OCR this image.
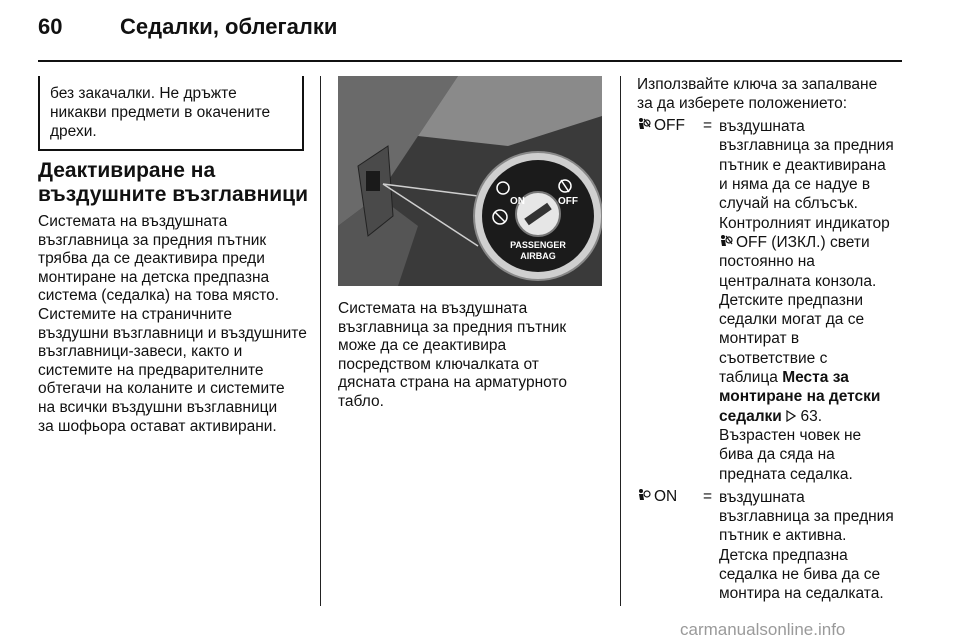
60	Седалки, облегалки
без закачалки. Не дръжте
никакви предмети в окачените
дрехи.
Деактивиране на
въздушните възглавници
Системата на въздушната
възглавница за предния пътник
трябва да се деактивира преди
монтиране на детска предпазна
система (седалка) на това място.
Системите на страничните
въздушни възглавници и въздушните
възглавници-завеси, както и
системите на предварителните
обтегачи на коланите и системите
на всички въздушни възглавници
за шофьора остават активирани.
ON	OFF
PASSENGER
AIRBAG
Системата на въздушната
възглавница за предния пътник
може да се деактивира
посредством ключалката от
дясната страна на арматурното
табло.
Използвайте ключа за запалване
за да изберете положението:
OFF = въздушната
възглавница за предния
пътник е деактивирана
и няма да се надуе в
случай на сблъсък.
Контролният индикатор
OFF (ИЗКЛ.) свети
постоянно на
централната конзола.
Детските предпазни
седалки могат да се
монтират в
съответствие с
таблица Места за
монтиране на детски
седалки 63.
Възрастен човек не
бива да сяда на
предната седалка.
ON = въздушната
възглавница за предния
пътник е активна.
Детска предпазна
седалка не бива да се
монтира на седалката.
carmanualsonline.info
